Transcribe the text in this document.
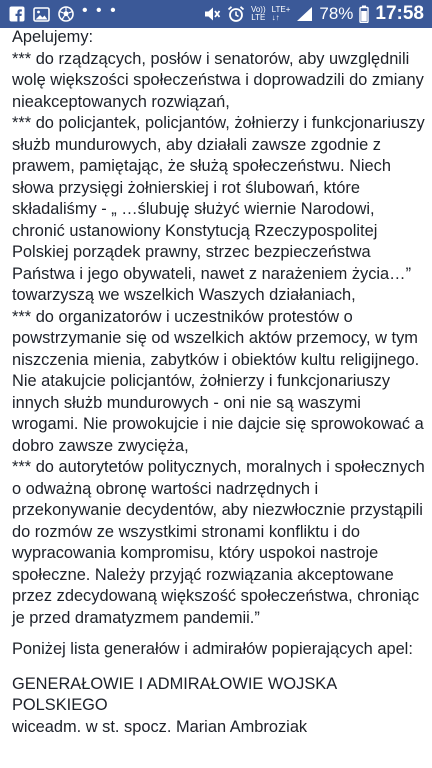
• • •	Vo))
LTE
LTE+
↓↑	78% 17:58

Apelujemy:

*** do rządzących, posłów i senatorów, aby uwzględnili wolę większości społeczeństwa i doprowadzili do zmiany nieakceptowanych rozwiązań,

*** do policjantek, policjantów, żołnierzy i funkcjonariuszy służb mundurowych, aby działali zawsze zgodnie z prawem, pamiętając, że służą społeczeństwu. Niech słowa przysięgi żołnierskiej i rot ślubowań, które składaliśmy - „ …ślubuję służyć wiernie Narodowi, chronić ustanowiony Konstytucją Rzeczypospolitej Polskiej porządek prawny, strzec bezpieczeństwa Państwa i jego obywateli, nawet z narażeniem życia…” towarzyszą we wszelkich Waszych działaniach,

*** do organizatorów i uczestników protestów o powstrzymanie się od wszelkich aktów przemocy, w tym niszczenia mienia, zabytków i obiektów kultu religijnego. Nie atakujcie policjantów, żołnierzy i funkcjonariuszy innych służb mundurowych - oni nie są waszymi wrogami. Nie prowokujcie i nie dajcie się sprowokować a dobro zawsze zwycięża,

*** do autorytetów politycznych, moralnych i społecznych o odważną obronę wartości nadrzędnych i przekonywanie decydentów, aby niezwłocznie przystąpili do rozmów ze wszystkimi stronami konfliktu i do wypracowania kompromisu, który uspokoi nastroje społeczne. Należy przyjąć rozwiązania akceptowane przez zdecydowaną większość społeczeństwa, chroniąc je przed dramatyzmem pandemii.”

Poniżej lista generałów i admirałów popierających apel:

GENERAŁOWIE I ADMIRAŁOWIE WOJSKA POLSKIEGO

wiceadm. w st. spocz. Marian Ambroziak
